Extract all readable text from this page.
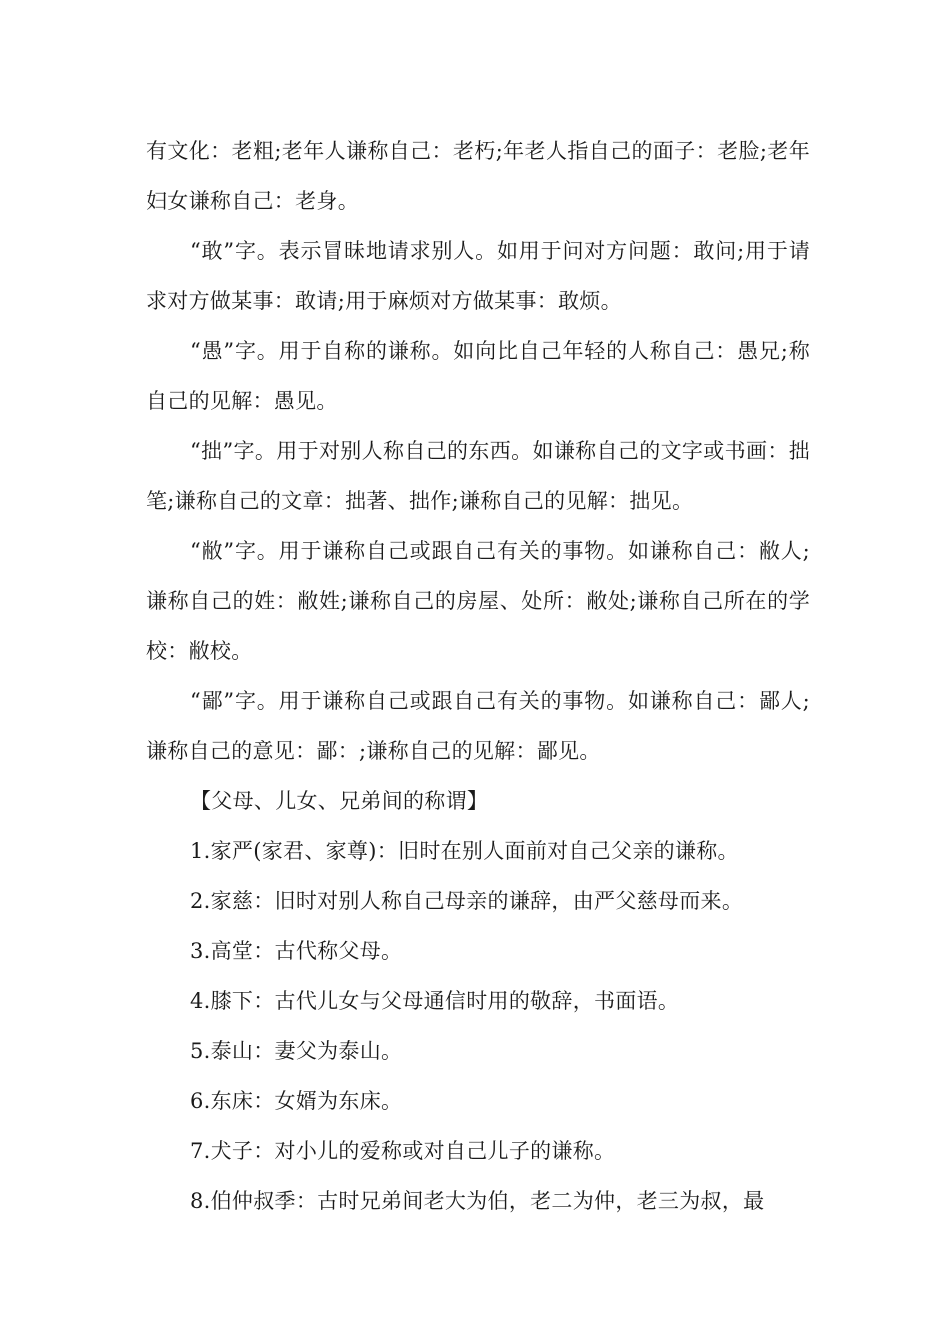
有文化：老粗;老年人谦称自己：老朽;年老人指自己的面子：老脸;老年妇女谦称自己：老身。

“敢”字。表示冒昧地请求别人。如用于问对方问题：敢问;用于请求对方做某事：敢请;用于麻烦对方做某事：敢烦。

“愚”字。用于自称的谦称。如向比自己年轻的人称自己：愚兄;称自己的见解：愚见。

“拙”字。用于对别人称自己的东西。如谦称自己的文字或书画：拙笔;谦称自己的文章：拙著、拙作;谦称自己的见解：拙见。

“敝”字。用于谦称自己或跟自己有关的事物。如谦称自己：敝人;谦称自己的姓：敝姓;谦称自己的房屋、处所：敝处;谦称自己所在的学校：敝校。

“鄙”字。用于谦称自己或跟自己有关的事物。如谦称自己：鄙人;谦称自己的意见：鄙：;谦称自己的见解：鄙见。

【父母、儿女、兄弟间的称谓】

1.家严(家君、家尊)：旧时在别人面前对自己父亲的谦称。

2.家慈：旧时对别人称自己母亲的谦辞，由严父慈母而来。

3.高堂：古代称父母。

4.膝下：古代儿女与父母通信时用的敬辞，书面语。

5.泰山：妻父为泰山。

6.东床：女婿为东床。

7.犬子：对小儿的爱称或对自己儿子的谦称。

8.伯仲叔季：古时兄弟间老大为伯，老二为仲，老三为叔，最
